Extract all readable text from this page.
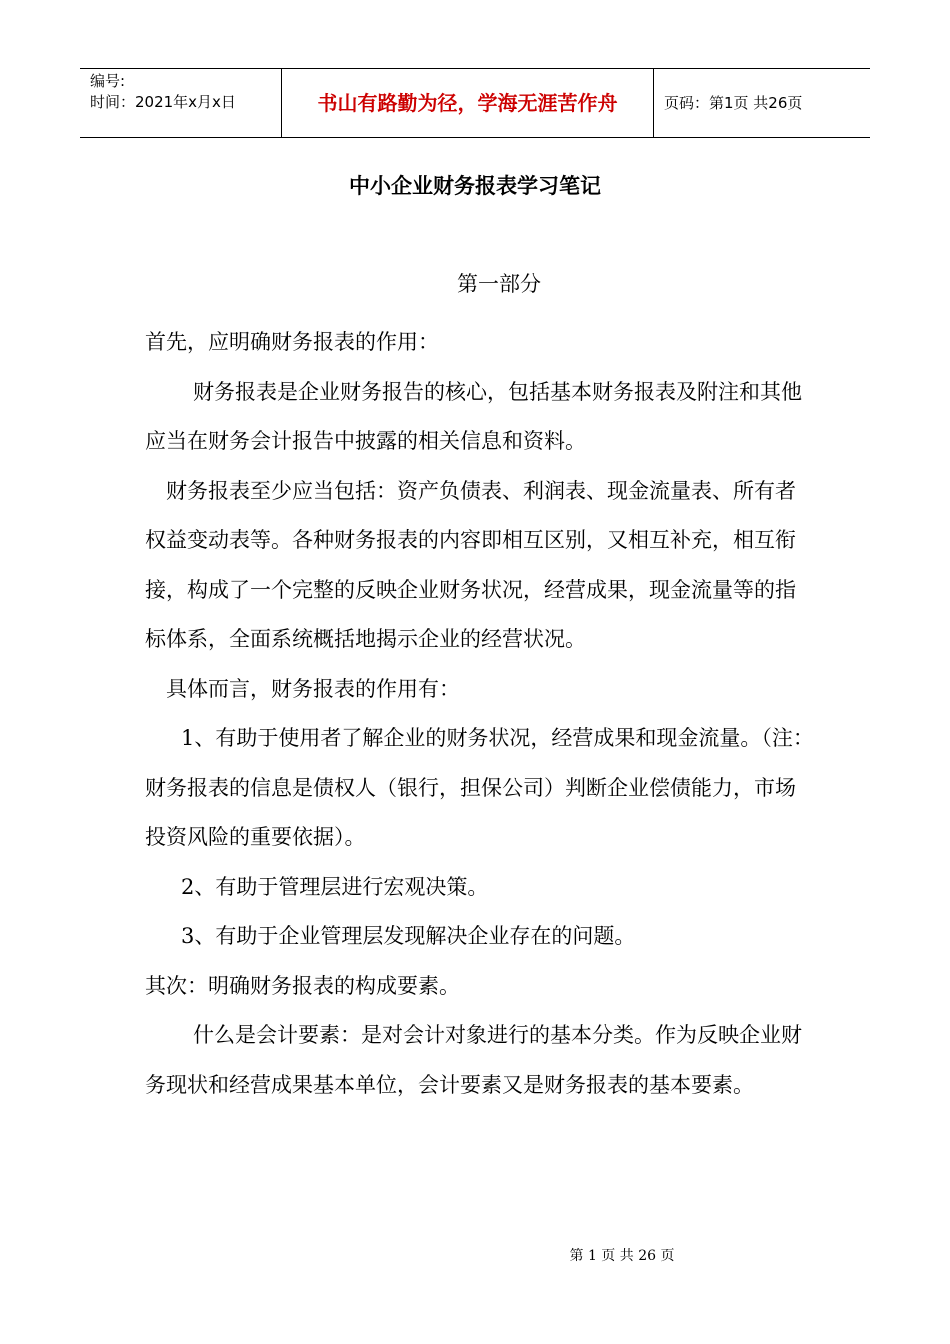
编号:
时间：2021年x月x日	书山有路勤为径，学海无涯苦作舟	页码：第1页 共26页
中小企业财务报表学习笔记
第一部分

首先，应明确财务报表的作用：

财务报表是企业财务报告的核心，包括基本财务报表及附注和其他应当在财务会计报告中披露的相关信息和资料。

财务报表至少应当包括：资产负债表、利润表、现金流量表、所有者权益变动表等。各种财务报表的内容即相互区别，又相互补充，相互衔接，构成了一个完整的反映企业财务状况，经营成果，现金流量等的指标体系，全面系统概括地揭示企业的经营状况。

具体而言，财务报表的作用有：

1、有助于使用者了解企业的财务状况，经营成果和现金流量。（注：财务报表的信息是债权人（银行，担保公司）判断企业偿债能力，市场投资风险的重要依据）。

2、有助于管理层进行宏观决策。

3、有助于企业管理层发现解决企业存在的问题。

其次：明确财务报表的构成要素。

什么是会计要素：是对会计对象进行的基本分类。作为反映企业财务现状和经营成果基本单位，会计要素又是财务报表的基本要素。

第 1 页 共 26 页
